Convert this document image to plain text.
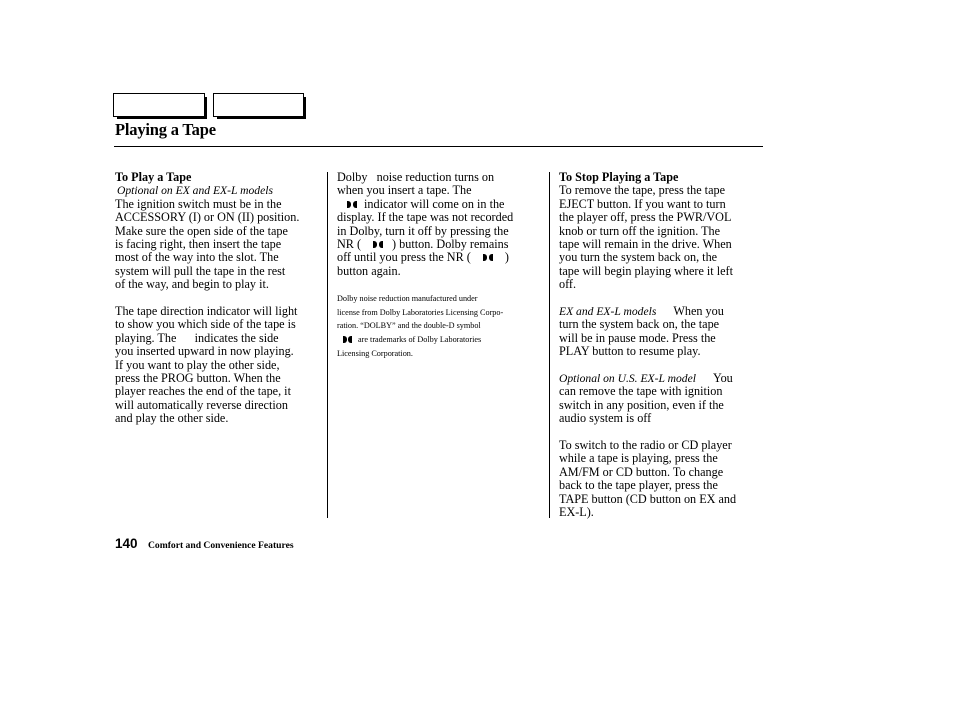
Playing a Tape

To Play a Tape

Optional on EX and EX-L models

The ignition switch must be in the

ACCESSORY (I) or ON (II) position.

Make sure the open side of the tape

is facing right, then insert the tape

most of the way into the slot. The

system will pull the tape in the rest

of the way, and begin to play it.

The tape direction indicator will light

to show you which side of the tape is

playing. The      indicates the side

you inserted upward in now playing.

If you want to play the other side,

press the PROG button. When the

player reaches the end of the tape, it

will automatically reverse direction

and play the other side.

Dolby   noise reduction turns on

when you insert a tape. The

indicator will come on in the

display. If the tape was not recorded

in Dolby, turn it off by pressing the

NR (	) button. Dolby remains

off until you press the NR (	)

button again.

Dolby noise reduction manufactured under

license from Dolby Laboratories Licensing Corpo-

ration. “DOLBY” and the double-D symbol

are trademarks of Dolby Laboratories

Licensing Corporation.

To Stop Playing a Tape

To remove the tape, press the tape

EJECT button. If you want to turn

the player off, press the PWR/VOL

knob or turn off the ignition. The

tape will remain in the drive. When

you turn the system back on, the

tape will begin playing where it left

off.

EX and EX-L models When you

turn the system back on, the tape

will be in pause mode. Press the

PLAY button to resume play.

Optional on U.S. EX-L model You

can remove the tape with ignition

switch in any position, even if the

audio system is off

To switch to the radio or CD player

while a tape is playing, press the

AM/FM or CD button. To change

back to the tape player, press the

TAPE button (CD button on EX and

EX-L).

140 Comfort and Convenience Features
